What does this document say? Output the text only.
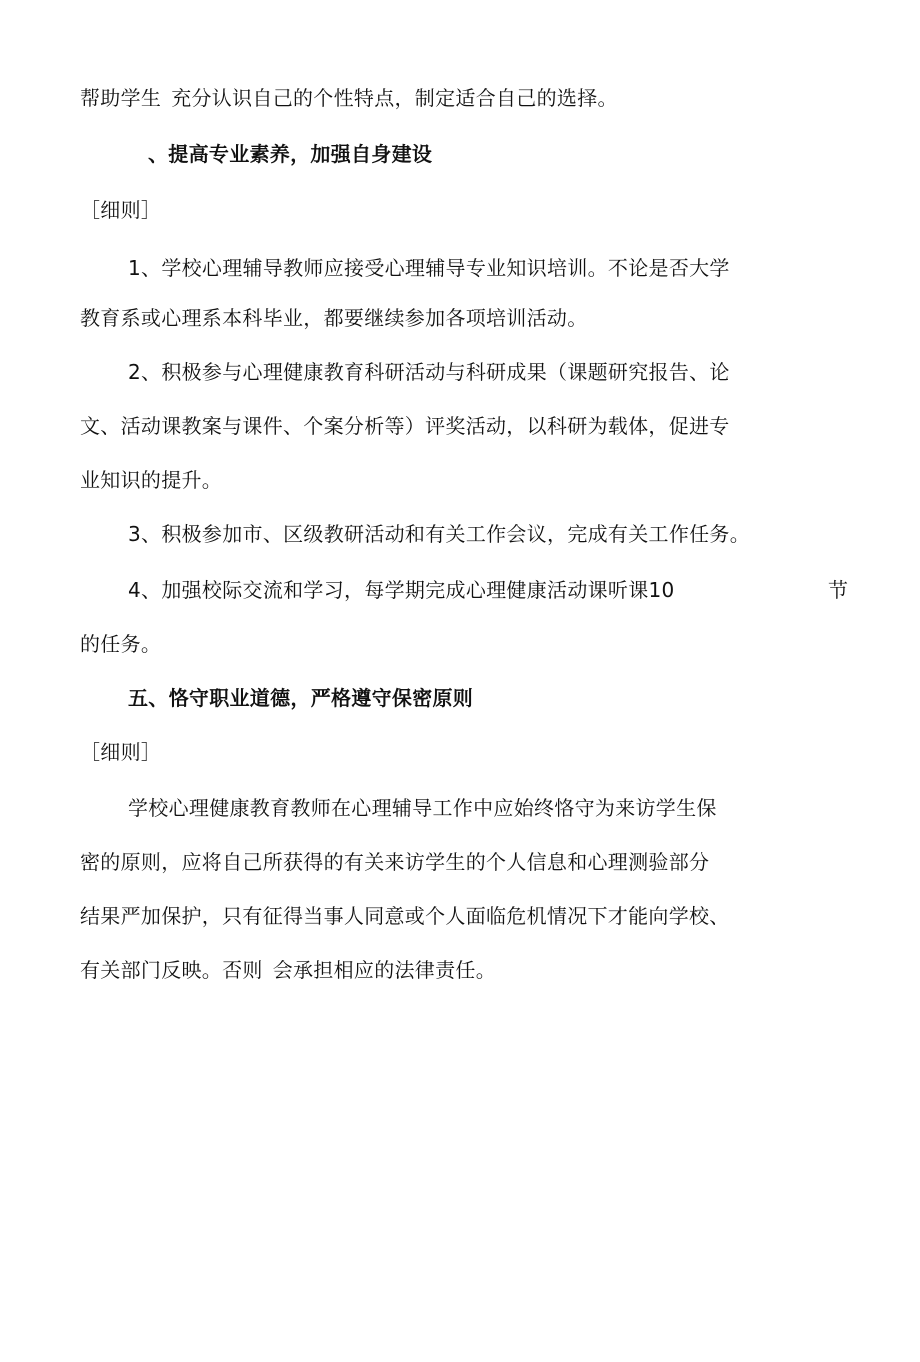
帮助学生 充分认识自己的个性特点，制定适合自己的选择。
、提高专业素养，加强自身建设
［细则］
1、学校心理辅导教师应接受心理辅导专业知识培训。不论是否大学
教育系或心理系本科毕业，都要继续参加各项培训活动。
2、积极参与心理健康教育科研活动与科研成果（课题研究报告、论
文、活动课教案与课件、个案分析等）评奖活动，以科研为载体，促进专
业知识的提升。
3、积极参加市、区级教研活动和有关工作会议，完成有关工作任务。
4、加强校际交流和学习，每学期完成心理健康活动课听课10	节
的任务。
五、恪守职业道德，严格遵守保密原则
［细则］
学校心理健康教育教师在心理辅导工作中应始终恪守为来访学生保
密的原则，应将自己所获得的有关来访学生的个人信息和心理测验部分
结果严加保护，只有征得当事人同意或个人面临危机情况下才能向学校、
有关部门反映。否则 会承担相应的法律责任。
